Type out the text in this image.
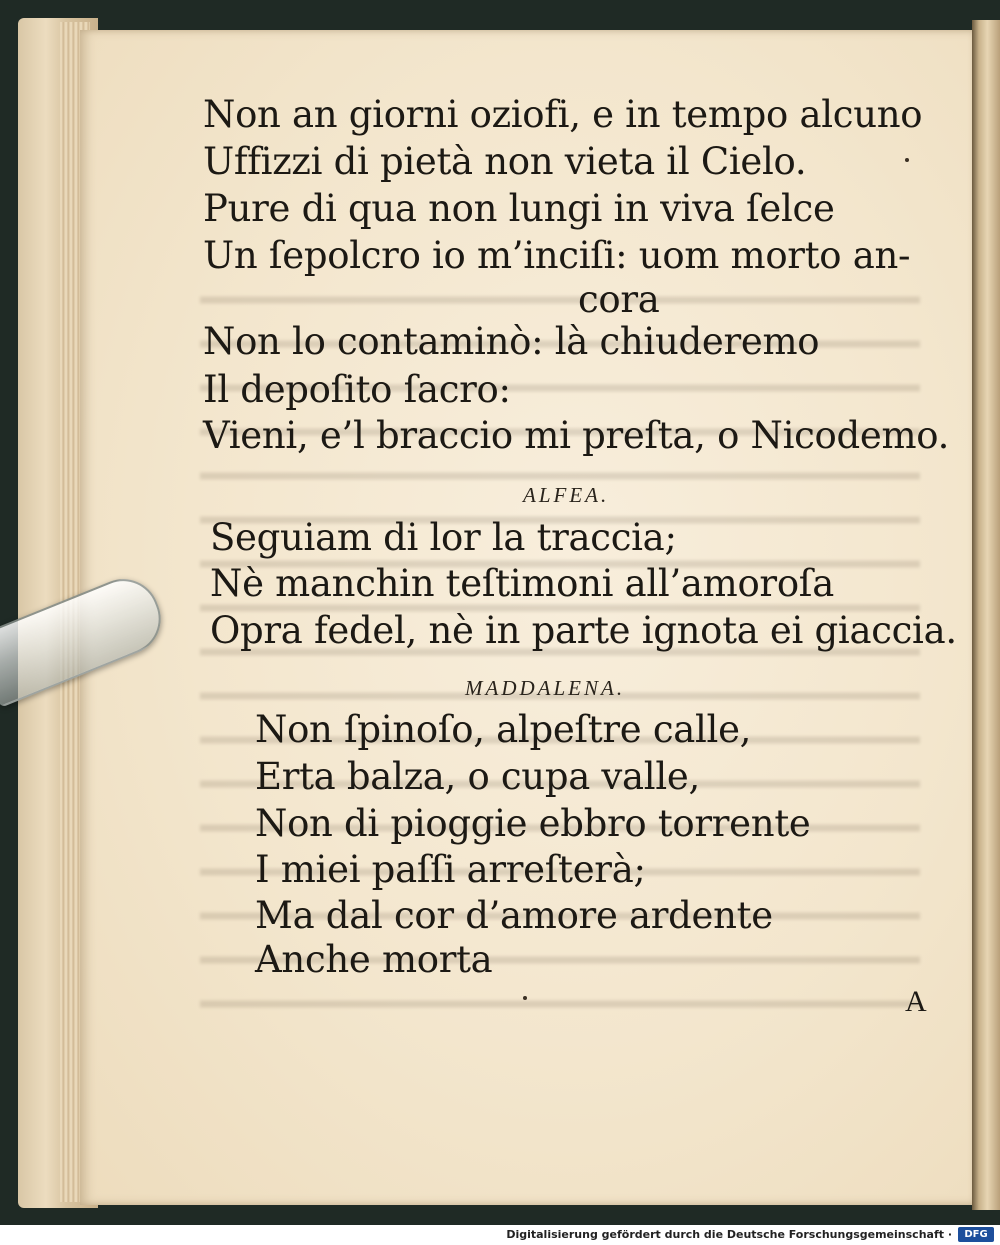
Non an giorni oziofi, e in tempo alcuno
Uffizzi di pietà non vieta il Cielo.
Pure di qua non lungi in viva ſelce
Un ſepolcro io m’inciſi: uom morto an-
cora
Non lo contaminò: là chiuderemo
Il depoſito ſacro:
Vieni, e’l braccio mi preſta, o Nicodemo.
ALFEA.
Seguiam di lor la traccia;
Nè manchin teſtimoni all’amoroſa
Opra fedel, nè in parte ignota ei giaccia.
MADDALENA.
Non ſpinoſo, alpeſtre calle,
Erta balza, o cupa valle,
Non di pioggie ebbro torrente
I miei paſſi arreſterà;
Ma dal cor d’amore ardente
Anche morta
A
Digitalisierung gefördert durch die Deutsche Forschungsgemeinschaft ·	DFG
